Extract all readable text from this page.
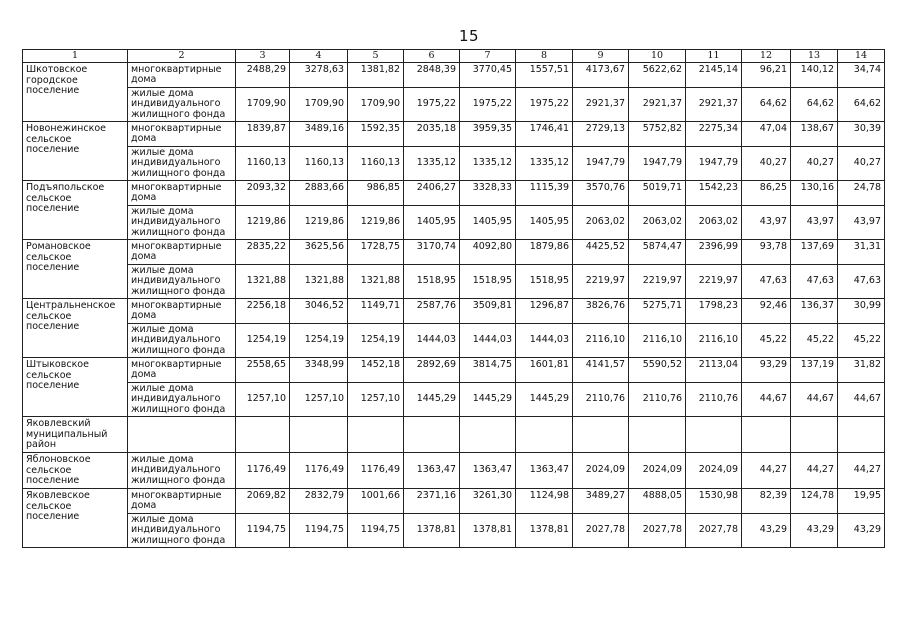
15
1	2	3	4	5	6	7	8	9	10	11	12	13	14
Шкотовское городское поселение	многоквартирные дома	2488,29	3278,63	1381,82	2848,39	3770,45	1557,51	4173,67	5622,62	2145,14	96,21	140,12	34,74
	жилые дома индивидуального жилищного фонда	1709,90	1709,90	1709,90	1975,22	1975,22	1975,22	2921,37	2921,37	2921,37	64,62	64,62	64,62
Новонежинское сельское поселение	многоквартирные дома	1839,87	3489,16	1592,35	2035,18	3959,35	1746,41	2729,13	5752,82	2275,34	47,04	138,67	30,39
	жилые дома индивидуального жилищного фонда	1160,13	1160,13	1160,13	1335,12	1335,12	1335,12	1947,79	1947,79	1947,79	40,27	40,27	40,27
Подъяпольское сельское поселение	многоквартирные дома	2093,32	2883,66	986,85	2406,27	3328,33	1115,39	3570,76	5019,71	1542,23	86,25	130,16	24,78
	жилые дома индивидуального жилищного фонда	1219,86	1219,86	1219,86	1405,95	1405,95	1405,95	2063,02	2063,02	2063,02	43,97	43,97	43,97
Романовское сельское поселение	многоквартирные дома	2835,22	3625,56	1728,75	3170,74	4092,80	1879,86	4425,52	5874,47	2396,99	93,78	137,69	31,31
	жилые дома индивидуального жилищного фонда	1321,88	1321,88	1321,88	1518,95	1518,95	1518,95	2219,97	2219,97	2219,97	47,63	47,63	47,63
Центральненское сельское поселение	многоквартирные дома	2256,18	3046,52	1149,71	2587,76	3509,81	1296,87	3826,76	5275,71	1798,23	92,46	136,37	30,99
	жилые дома индивидуального жилищного фонда	1254,19	1254,19	1254,19	1444,03	1444,03	1444,03	2116,10	2116,10	2116,10	45,22	45,22	45,22
Штыковское сельское поселение	многоквартирные дома	2558,65	3348,99	1452,18	2892,69	3814,75	1601,81	4141,57	5590,52	2113,04	93,29	137,19	31,82
	жилые дома индивидуального жилищного фонда	1257,10	1257,10	1257,10	1445,29	1445,29	1445,29	2110,76	2110,76	2110,76	44,67	44,67	44,67
Яковлевский муниципальный район													
Яблоновское сельское поселение	жилые дома индивидуального жилищного фонда	1176,49	1176,49	1176,49	1363,47	1363,47	1363,47	2024,09	2024,09	2024,09	44,27	44,27	44,27
Яковлевское сельское поселение	многоквартирные дома	2069,82	2832,79	1001,66	2371,16	3261,30	1124,98	3489,27	4888,05	1530,98	82,39	124,78	19,95
	жилые дома индивидуального жилищного фонда	1194,75	1194,75	1194,75	1378,81	1378,81	1378,81	2027,78	2027,78	2027,78	43,29	43,29	43,29
